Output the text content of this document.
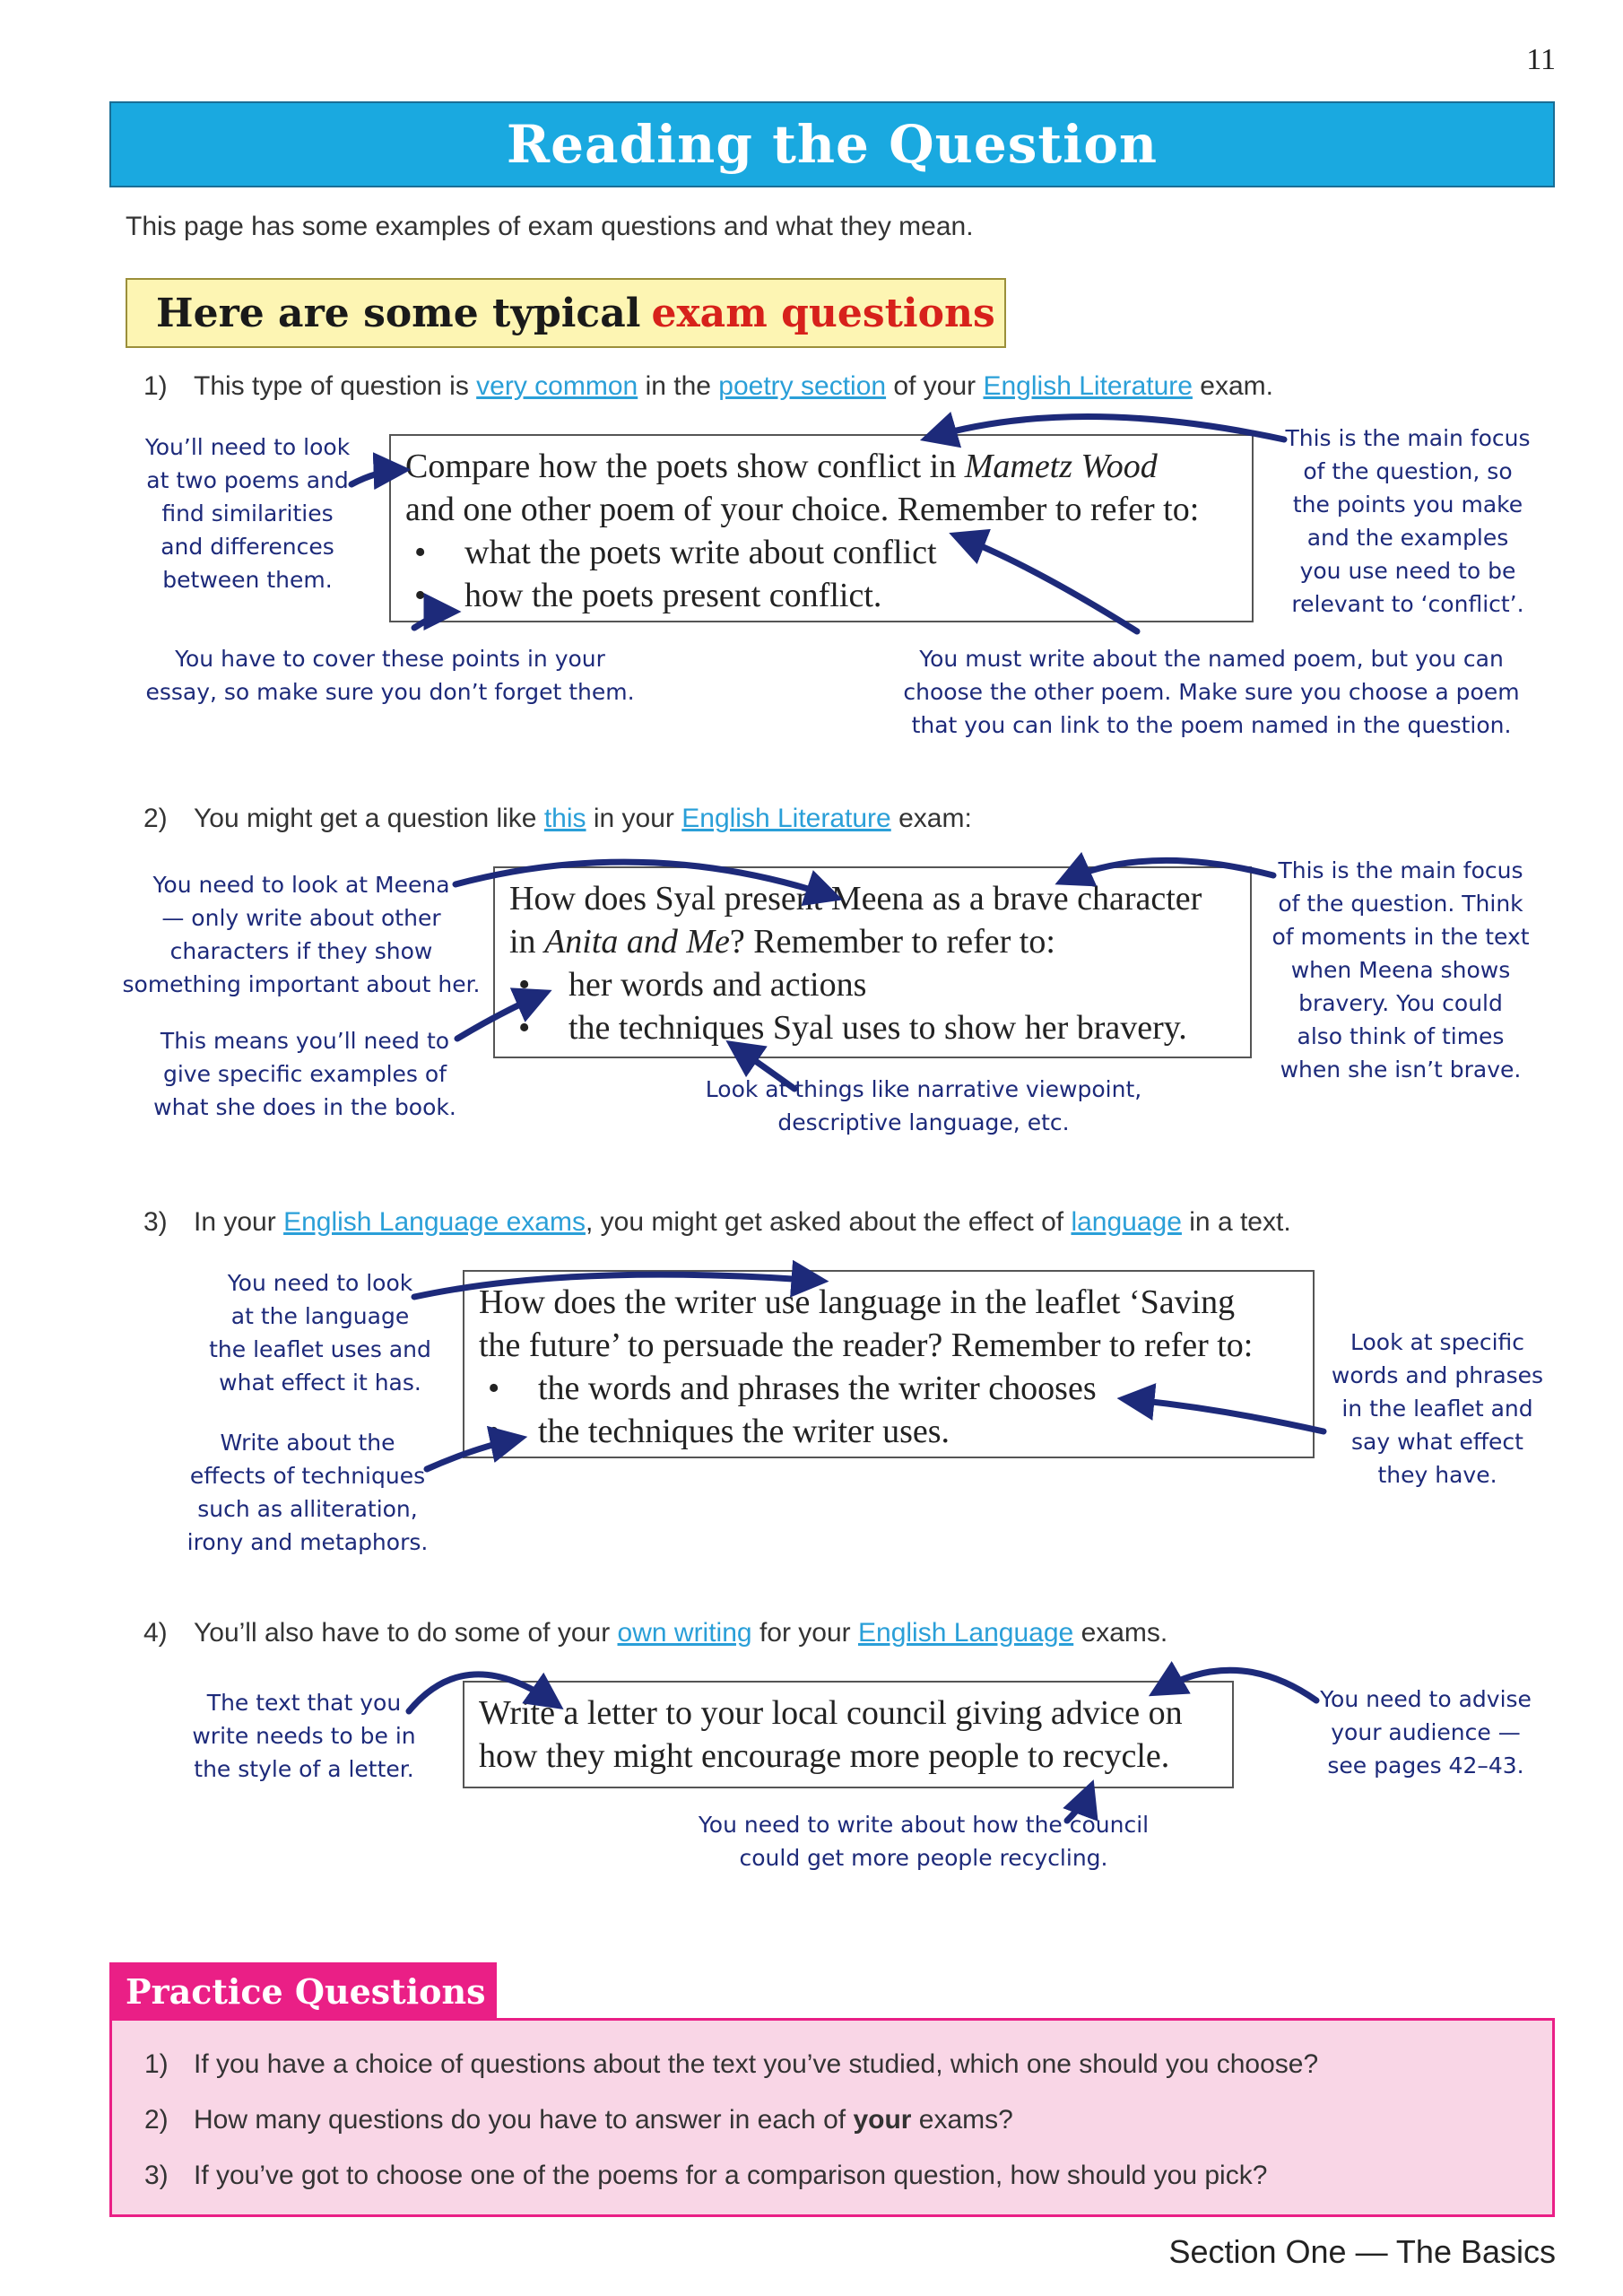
11
Reading the Question
This page has some examples of exam questions and what they mean.
Here are some typical exam questions
1) This type of question is very common in the poetry section of your English Literature exam.
Compare how the poets show conflict in Mametz Wood
and one other poem of your choice. Remember to refer to:
•	what the poets write about conflict
•	how the poets present conflict.
You’ll need to look
at two poems and
find similarities
and differences
between them.
This is the main focus
of the question, so
the points you make
and the examples
you use need to be
relevant to ‘conflict’.
You have to cover these points in your
essay, so make sure you don’t forget them.
You must write about the named poem, but you can
choose the other poem. Make sure you choose a poem
that you can link to the poem named in the question.
2) You might get a question like this in your English Literature exam:
How does Syal present Meena as a brave character
in Anita and Me? Remember to refer to:
•	her words and actions
•	the techniques Syal uses to show her bravery.
You need to look at Meena
— only write about other
characters if they show
something important about her.
This means you’ll need to
give specific examples of
what she does in the book.
This is the main focus
of the question. Think
of moments in the text
when Meena shows
bravery. You could
also think of times
when she isn’t brave.
Look at things like narrative viewpoint,
descriptive language, etc.
3) In your English Language exams, you might get asked about the effect of language in a text.
How does the writer use language in the leaflet ‘Saving
the future’ to persuade the reader? Remember to refer to:
•	the words and phrases the writer chooses
•	the techniques the writer uses.
You need to look
at the language
the leaflet uses and
what effect it has.
Write about the
effects of techniques
such as alliteration,
irony and metaphors.
Look at specific
words and phrases
in the leaflet and
say what effect
they have.
4) You’ll also have to do some of your own writing for your English Language exams.
Write a letter to your local council giving advice on
how they might encourage more people to recycle.
The text that you
write needs to be in
the style of a letter.
You need to advise
your audience —
see pages 42–43.
You need to write about how the council
could get more people recycling.
Practice Questions
1) If you have a choice of questions about the text you’ve studied, which one should you choose?
2) How many questions do you have to answer in each of your exams?
3) If you’ve got to choose one of the poems for a comparison question, how should you pick?
Section One — The Basics
